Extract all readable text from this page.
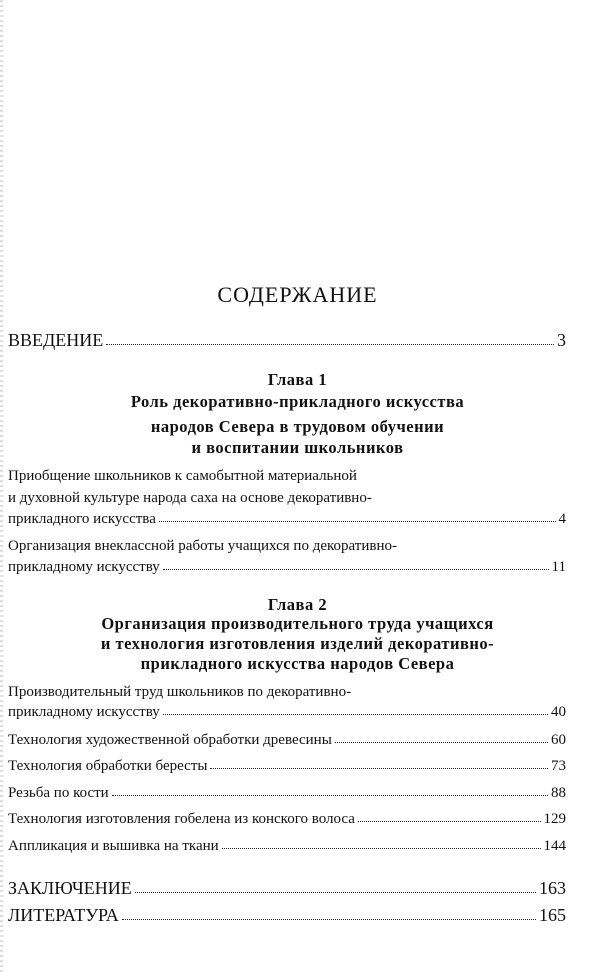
СОДЕРЖАНИЕ
ВВЕДЕНИЕ	3
Глава 1
Роль декоративно-прикладного искусства
народов Севера в трудовом обучении
и воспитании школьников
Приобщение школьников к самобытной материальной
и духовной культуре народа саха на основе декоративно-
прикладного искусства	4
Организация внеклассной работы учащихся по декоративно-
прикладному искусству	11
Глава 2
Организация производительного труда учащихся
и технология изготовления изделий декоративно-
прикладного искусства народов Севера
Производительный труд школьников по декоративно-
прикладному искусству	40
Технология художественной обработки древесины	60
Технология обработки бересты	73
Резьба по кости	88
Технология изготовления гобелена из конского волоса	129
Аппликация и вышивка на ткани	144
ЗАКЛЮЧЕНИЕ	163
ЛИТЕРАТУРА	165
